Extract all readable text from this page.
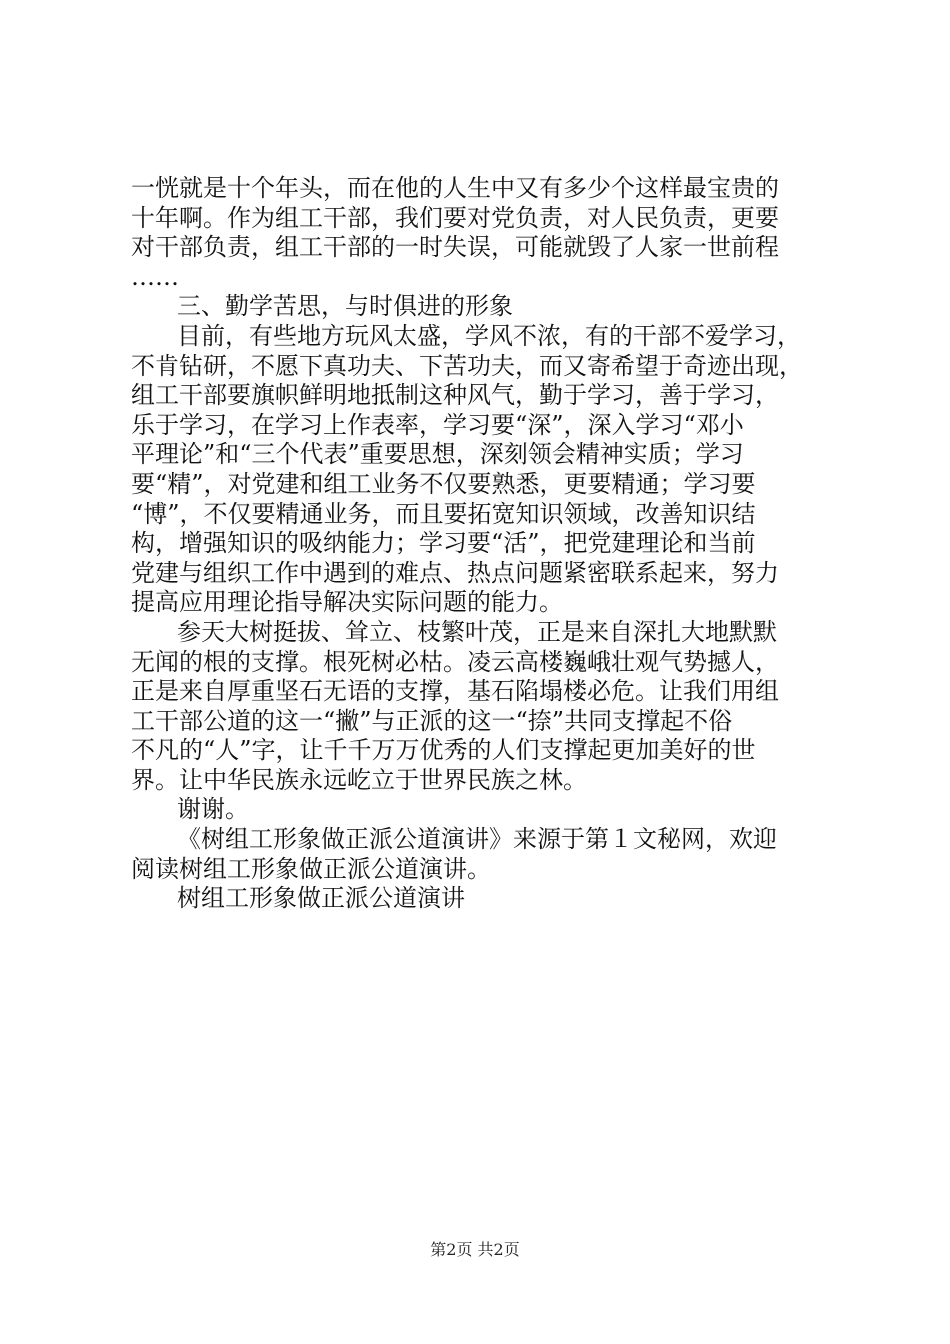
一恍就是十个年头，而在他的人生中又有多少个这样最宝贵的
十年啊。作为组工干部，我们要对党负责，对人民负责，更要
对干部负责，组工干部的一时失误，可能就毁了人家一世前程
……
三、勤学苦思，与时俱进的形象
目前，有些地方玩风太盛，学风不浓，有的干部不爱学习，
不肯钻研，不愿下真功夫、下苦功夫，而又寄希望于奇迹出现，
组工干部要旗帜鲜明地抵制这种风气，勤于学习，善于学习，
乐于学习，在学习上作表率，学习要“深”，深入学习“邓小
平理论”和“三个代表”重要思想，深刻领会精神实质；学习
要“精”，对党建和组工业务不仅要熟悉，更要精通；学习要
“博”，不仅要精通业务，而且要拓宽知识领域，改善知识结
构，增强知识的吸纳能力；学习要“活”，把党建理论和当前
党建与组织工作中遇到的难点、热点问题紧密联系起来，努力
提高应用理论指导解决实际问题的能力。
参天大树挺拔、耸立、枝繁叶茂，正是来自深扎大地默默
无闻的根的支撑。根死树必枯。凌云高楼巍峨壮观气势撼人，
正是来自厚重坚石无语的支撑，基石陷塌楼必危。让我们用组
工干部公道的这一“撇”与正派的这一“捺”共同支撑起不俗
不凡的“人”字，让千千万万优秀的人们支撑起更加美好的世
界。让中华民族永远屹立于世界民族之林。
谢谢。
《树组工形象做正派公道演讲》来源于第１文秘网，欢迎
阅读树组工形象做正派公道演讲。
树组工形象做正派公道演讲
第2页 共2页
